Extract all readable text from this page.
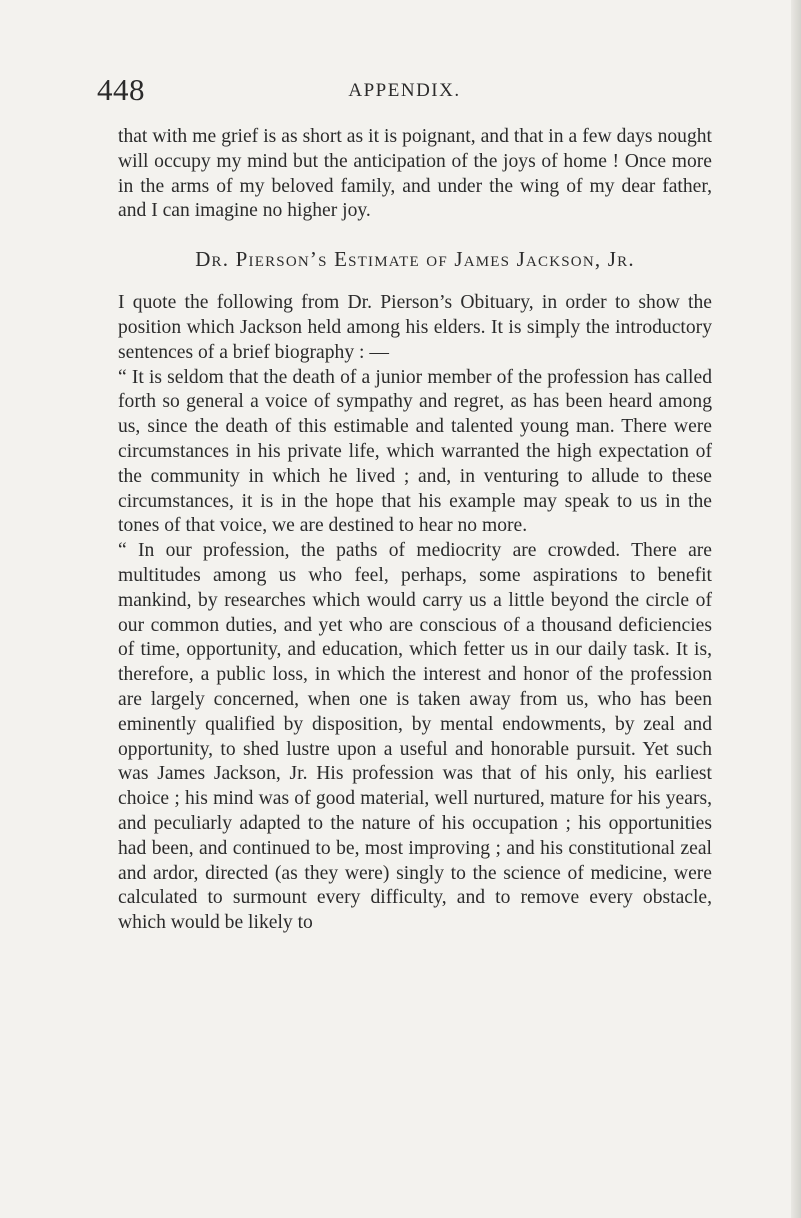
448	APPENDIX.

that with me grief is as short as it is poignant, and that in a few days nought will occupy my mind but the anticipation of the joys of home ! Once more in the arms of my beloved family, and under the wing of my dear father, and I can imagine no higher joy.

Dr. Pierson’s Estimate of James Jackson, Jr.

I quote the following from Dr. Pierson’s Obituary, in order to show the position which Jackson held among his elders. It is simply the introductory sentences of a brief biography : —

“ It is seldom that the death of a junior member of the profession has called forth so general a voice of sympathy and regret, as has been heard among us, since the death of this estimable and talented young man. There were circumstances in his private life, which warranted the high expectation of the community in which he lived ; and, in venturing to allude to these circumstances, it is in the hope that his example may speak to us in the tones of that voice, we are destined to hear no more.

“ In our profession, the paths of mediocrity are crowded. There are multitudes among us who feel, perhaps, some aspirations to benefit mankind, by researches which would carry us a little beyond the circle of our common duties, and yet who are conscious of a thousand deficiencies of time, opportunity, and education, which fetter us in our daily task. It is, therefore, a public loss, in which the interest and honor of the profession are largely concerned, when one is taken away from us, who has been eminently qualified by disposition, by mental endowments, by zeal and opportunity, to shed lustre upon a useful and honorable pursuit. Yet such was James Jackson, Jr. His profession was that of his only, his earliest choice ; his mind was of good material, well nurtured, mature for his years, and peculiarly adapted to the nature of his occupation ; his opportunities had been, and continued to be, most improving ; and his constitutional zeal and ardor, directed (as they were) singly to the science of medicine, were calculated to surmount every difficulty, and to remove every obstacle, which would be likely to
